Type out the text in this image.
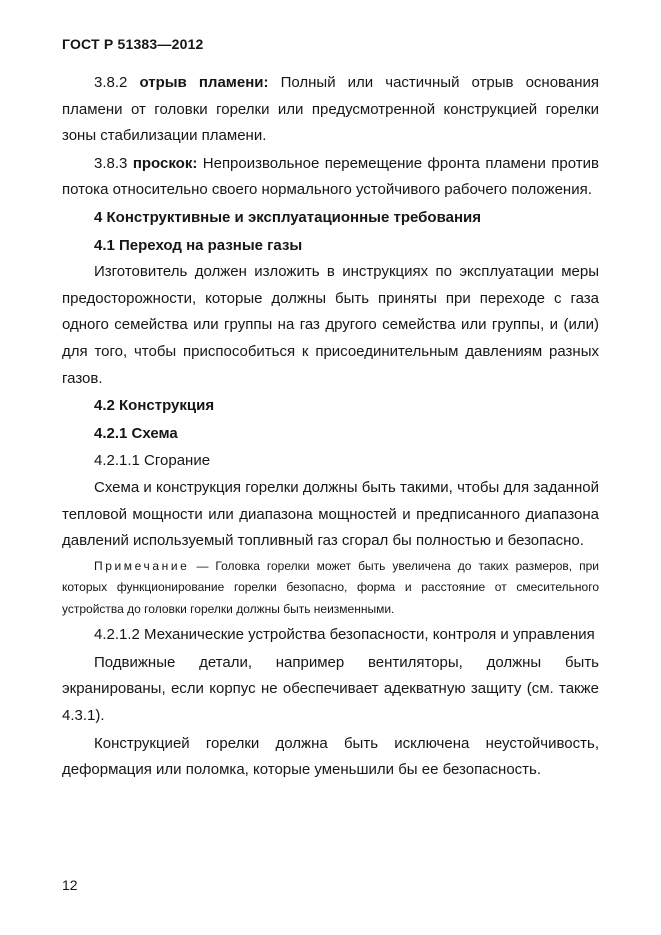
ГОСТ Р 51383—2012

3.8.2 отрыв пламени: Полный или частичный отрыв основания пламени от головки горелки или предусмотренной конструкцией горелки зоны стабилизации пламени.

3.8.3 проскок: Непроизвольное перемещение фронта пламени против потока относительно своего нормального устойчивого рабочего положения.

4 Конструктивные и эксплуатационные требования

4.1 Переход на разные газы

Изготовитель должен изложить в инструкциях по эксплуатации меры предосторожности, которые должны быть приняты при переходе с газа одного семейства или группы на газ другого семейства или группы, и (или) для того, чтобы приспособиться к присоединительным давлениям разных газов.

4.2 Конструкция

4.2.1 Схема

4.2.1.1 Сгорание

Схема и конструкция горелки должны быть такими, чтобы для заданной тепловой мощности или диапазона мощностей и предписанного диапазона давлений используемый топливный газ сгорал бы полностью и безопасно.

Примечание — Головка горелки может быть увеличена до таких размеров, при которых функционирование горелки безопасно, форма и расстояние от смесительного устройства до головки горелки должны быть неизменными.

4.2.1.2 Механические устройства безопасности, контроля и управления

Подвижные детали, например вентиляторы, должны быть экранированы, если корпус не обеспечивает адекватную защиту (см. также 4.3.1).

Конструкцией горелки должна быть исключена неустойчивость, деформация или поломка, которые уменьшили бы ее безопасность.

12
